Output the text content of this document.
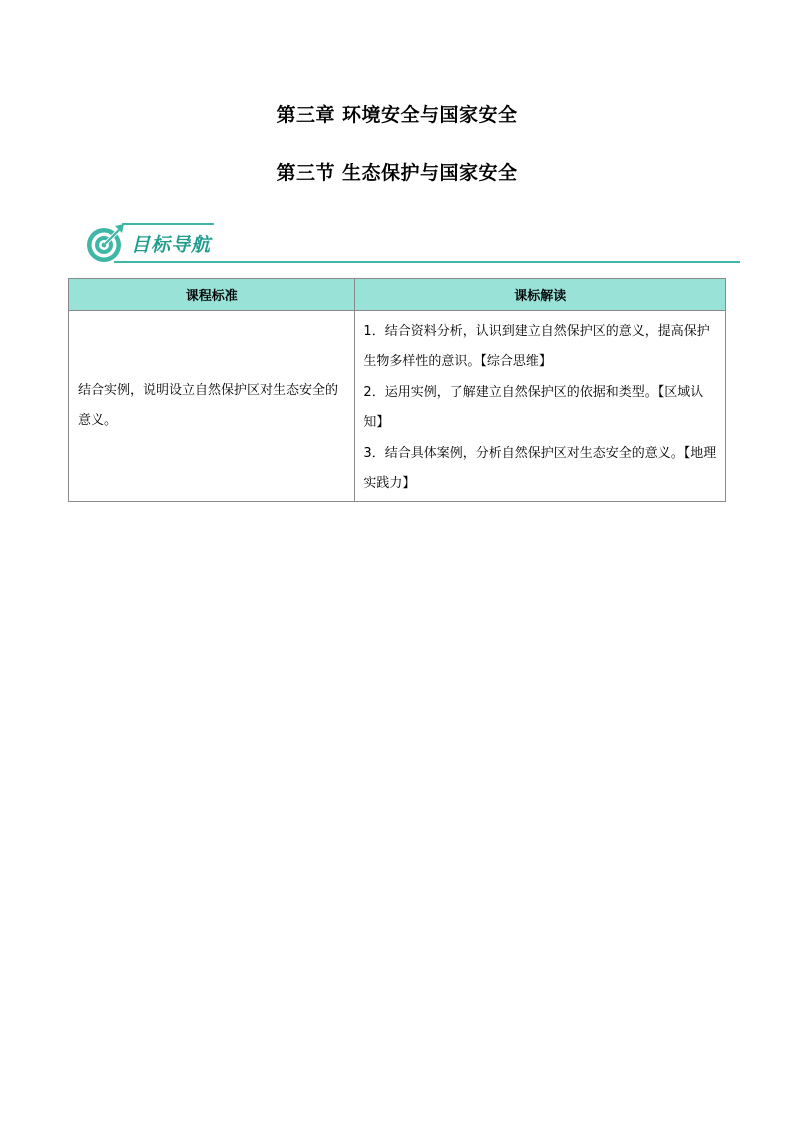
第三章 环境安全与国家安全
第三节 生态保护与国家安全
目标导航
课程标准	课标解读

结合实例，说明设立自然保护区对生态安全的意义。	1．结合资料分析，认识到建立自然保护区的意义，提高保护生物多样性的意识。【综合思维】
2．运用实例，了解建立自然保护区的依据和类型。【区域认知】
3．结合具体案例，分析自然保护区对生态安全的意义。【地理实践力】
